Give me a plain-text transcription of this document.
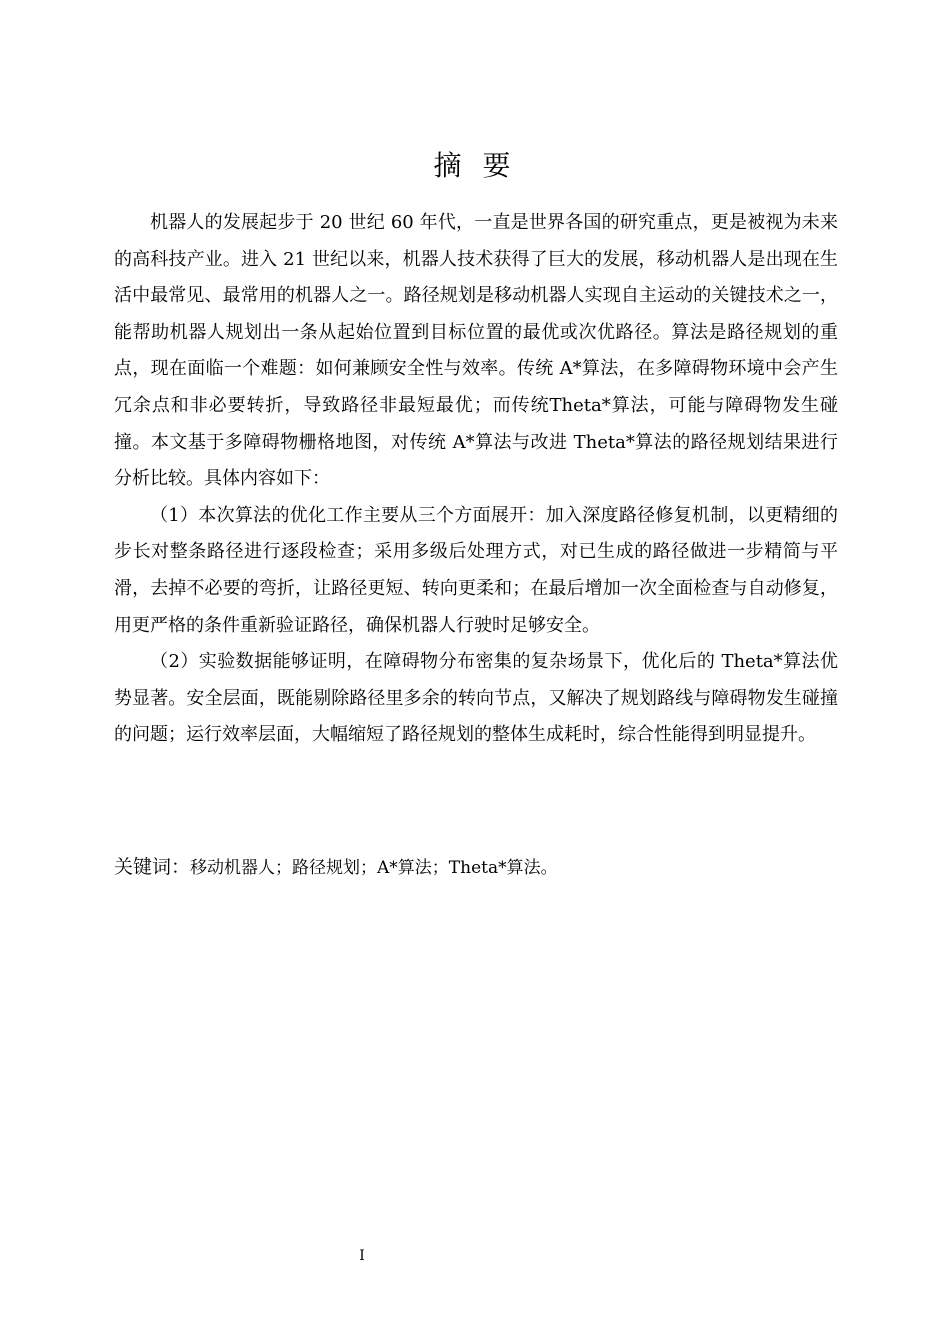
摘 要

机器人的发展起步于 20 世纪 60 年代，一直是世界各国的研究重点，更是被视为未来的高科技产业。进入 21 世纪以来，机器人技术获得了巨大的发展，移动机器人是出现在生活中最常见、最常用的机器人之一。路径规划是移动机器人实现自主运动的关键技术之一，能帮助机器人规划出一条从起始位置到目标位置的最优或次优路径。算法是路径规划的重点，现在面临一个难题：如何兼顾安全性与效率。传统 A*算法，在多障碍物环境中会产生冗余点和非必要转折，导致路径非最短最优；而传统Theta*算法，可能与障碍物发生碰撞。本文基于多障碍物栅格地图，对传统 A*算法与改进 Theta*算法的路径规划结果进行分析比较。具体内容如下：

（1）本次算法的优化工作主要从三个方面展开：加入深度路径修复机制，以更精细的步长对整条路径进行逐段检查；采用多级后处理方式，对已生成的路径做进一步精简与平滑，去掉不必要的弯折，让路径更短、转向更柔和；在最后增加一次全面检查与自动修复，用更严格的条件重新验证路径，确保机器人行驶时足够安全。

（2）实验数据能够证明，在障碍物分布密集的复杂场景下，优化后的 Theta*算法优势显著。安全层面，既能剔除路径里多余的转向节点，又解决了规划路线与障碍物发生碰撞的问题；运行效率层面，大幅缩短了路径规划的整体生成耗时，综合性能得到明显提升。

关键词：移动机器人；路径规划；A*算法；Theta*算法。
I
